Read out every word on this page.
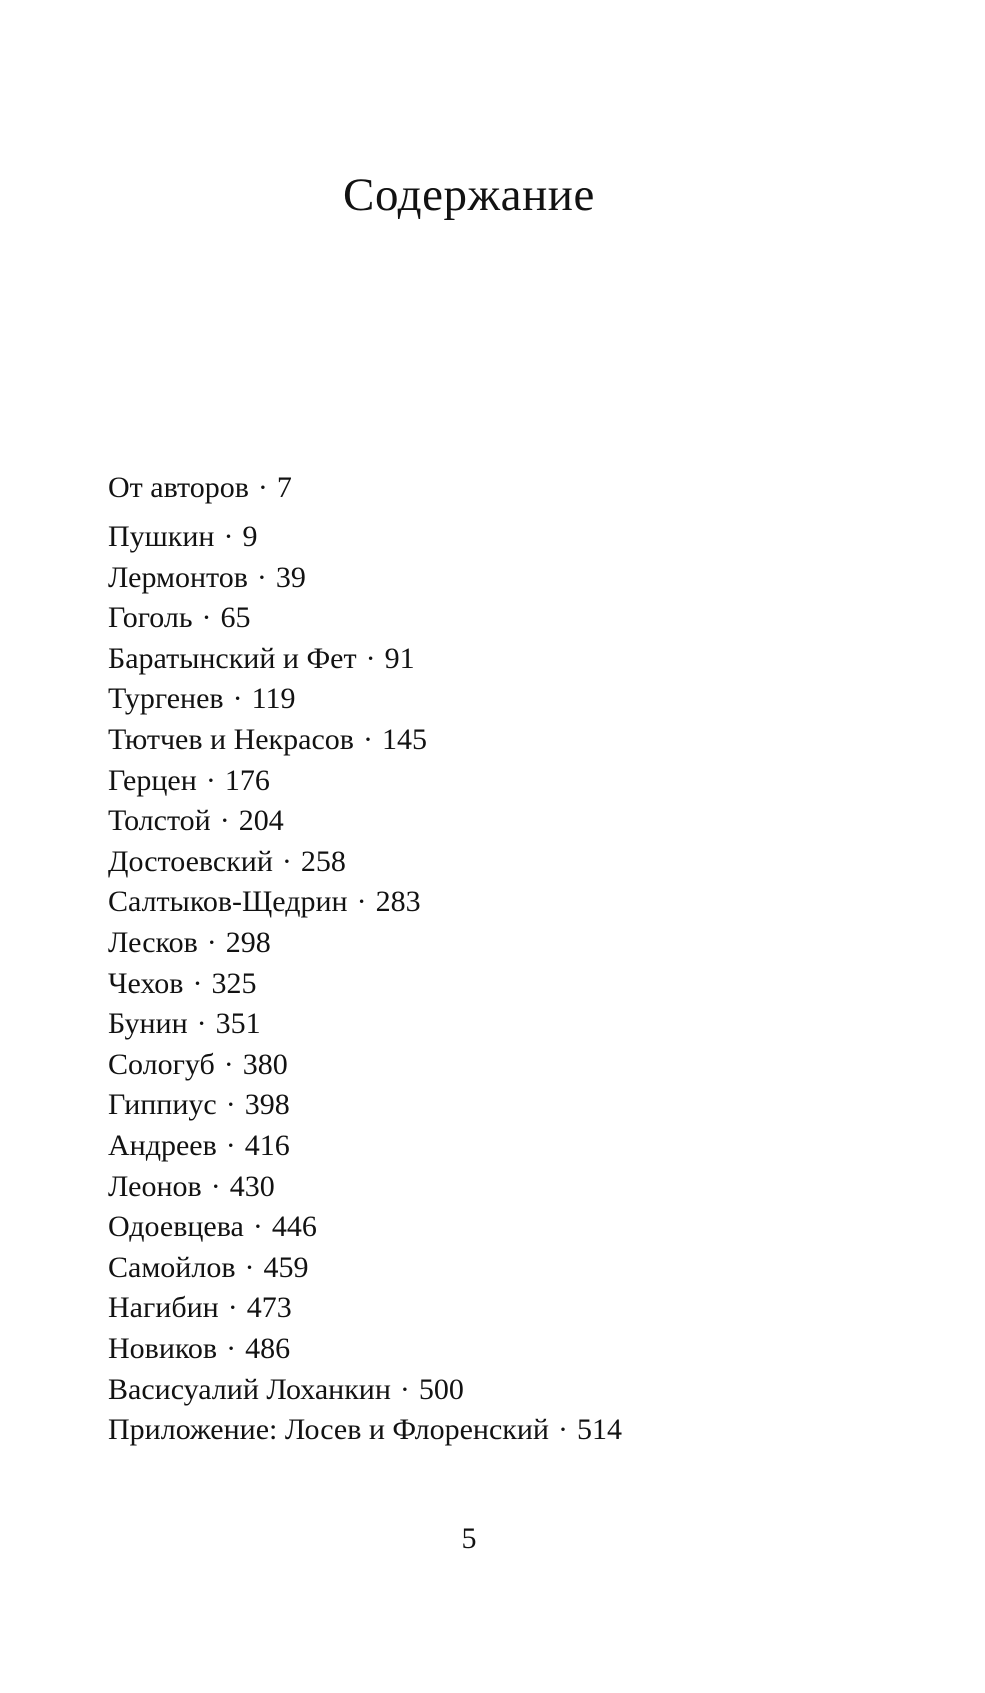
Содержание
От авторов · 7
Пушкин · 9
Лермонтов · 39
Гоголь · 65
Баратынский и Фет · 91
Тургенев · 119
Тютчев и Некрасов · 145
Герцен · 176
Толстой · 204
Достоевский · 258
Салтыков-Щедрин · 283
Лесков · 298
Чехов · 325
Бунин · 351
Сологуб · 380
Гиппиус · 398
Андреев · 416
Леонов · 430
Одоевцева · 446
Самойлов · 459
Нагибин · 473
Новиков · 486
Васисуалий Лоханкин · 500
Приложение: Лосев и Флоренский · 514
5
